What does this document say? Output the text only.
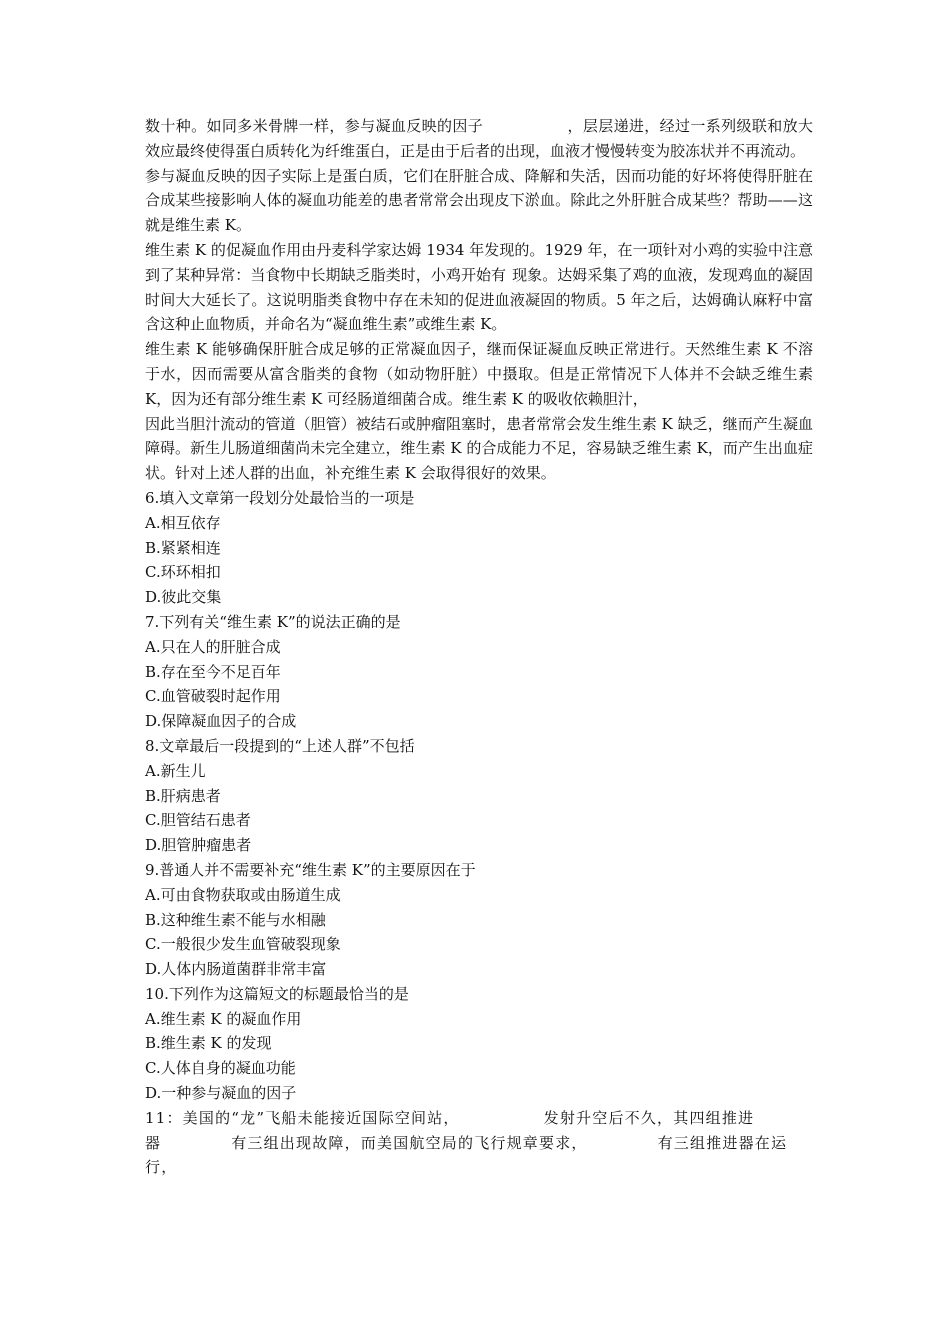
数十种。如同多米骨牌一样，参与凝血反映的因子	，层层递进，经过一系列级联和放大效应最终使得蛋白质转化为纤维蛋白，正是由于后者的出现，血液才慢慢转变为胶冻状并不再流动。

参与凝血反映的因子实际上是蛋白质，它们在肝脏合成、降解和失活，因而功能的好坏将使得肝脏在合成某些接影响人体的凝血功能差的患者常常会出现皮下淤血。除此之外肝脏合成某些？帮助——这就是维生素 K。

维生素 K 的促凝血作用由丹麦科学家达姆 1934 年发现的。1929 年，在一项针对小鸡的实验中注意到了某种异常：当食物中长期缺乏脂类时，小鸡开始有 现象。达姆采集了鸡的血液，发现鸡血的凝固时间大大延长了。这说明脂类食物中存在未知的促进血液凝固的物质。5 年之后，达姆确认麻籽中富含这种止血物质，并命名为“凝血维生素”或维生素 K。

维生素 K 能够确保肝脏合成足够的正常凝血因子，继而保证凝血反映正常进行。天然维生素 K 不溶于水，因而需要从富含脂类的食物（如动物肝脏）中摄取。但是正常情况下人体并不会缺乏维生素 K，因为还有部分维生素 K 可经肠道细菌合成。维生素 K 的吸收依赖胆汁，

因此当胆汁流动的管道（胆管）被结石或肿瘤阻塞时，患者常常会发生维生素 K 缺乏，继而产生凝血障碍。新生儿肠道细菌尚未完全建立，维生素 K 的合成能力不足，容易缺乏维生素 K，而产生出血症状。针对上述人群的出血，补充维生素 K 会取得很好的效果。

6.填入文章第一段划分处最恰当的一项是

A.相互依存

B.紧紧相连

C.环环相扣

D.彼此交集

7.下列有关“维生素 K”的说法正确的是

A.只在人的肝脏合成

B.存在至今不足百年

C.血管破裂时起作用

D.保障凝血因子的合成

8.文章最后一段提到的“上述人群”不包括

A.新生儿

B.肝病患者

C.胆管结石患者

D.胆管肿瘤患者

9.普通人并不需要补充“维生素 K”的主要原因在于

A.可由食物获取或由肠道生成

B.这种维生素不能与水相融

C.一般很少发生血管破裂现象

D.人体内肠道菌群非常丰富

10.下列作为这篇短文的标题最恰当的是

A.维生素 K 的凝血作用

B.维生素 K 的发现

C.人体自身的凝血功能

D.一种参与凝血的因子

11：美国的“龙”飞船未能接近国际空间站，	发射升空后不久，其四组推进

器	有三组出现故障，而美国航空局的飞行规章要求，	有三组推进器在运行，
